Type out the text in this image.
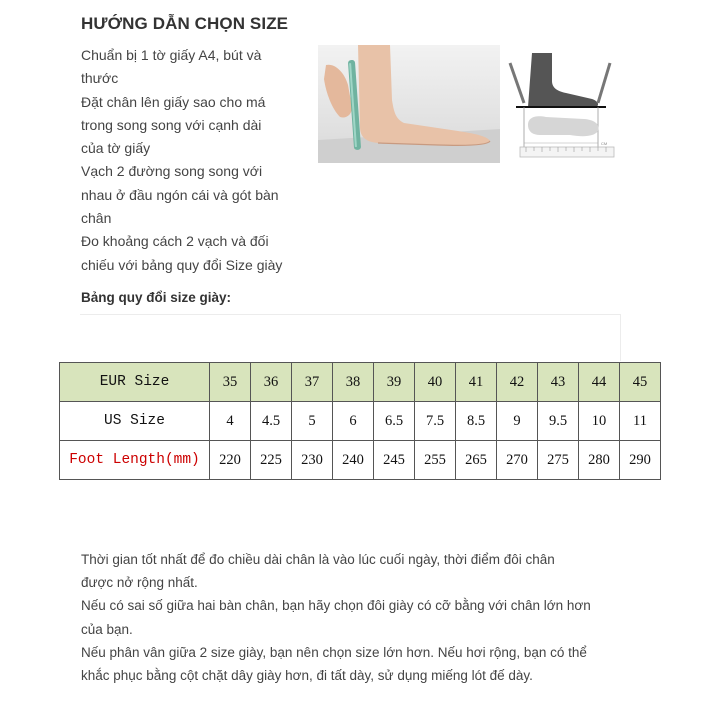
HƯỚNG DẪN CHỌN SIZE
Chuẩn bị 1 tờ giấy A4, bút và
thước
Đặt chân lên giấy sao cho má
trong song song với cạnh dài
của tờ giấy
Vạch 2 đường song song với
nhau ở đầu ngón cái và gót bàn
chân
Đo khoảng cách 2 vạch và đối
chiếu với bảng quy đổi Size giày
CM
Bảng quy đổi size giày:
EUR Size	35	36	37	38	39	40	41	42	43	44	45
US Size	4	4.5	5	6	6.5	7.5	8.5	9	9.5	10	11
Foot Length(mm)	220	225	230	240	245	255	265	270	275	280	290
Thời gian tốt nhất để đo chiều dài chân là vào lúc cuối ngày, thời điểm đôi chân
được nở rộng nhất.
Nếu có sai số giữa hai bàn chân, bạn hãy chọn đôi giày có cỡ bằng với chân lớn hơn
của bạn.
Nếu phân vân giữa 2 size giày, bạn nên chọn size lớn hơn. Nếu hơi rộng, bạn có thể
khắc phục bằng cột chặt dây giày hơn, đi tất dày, sử dụng miếng lót đế dày.
